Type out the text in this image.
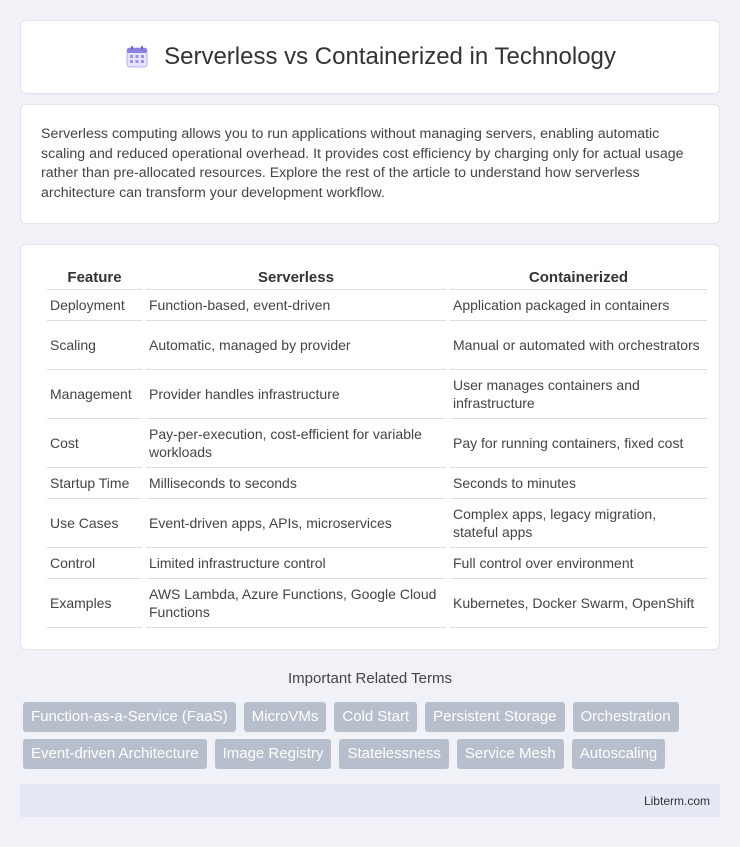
Serverless vs Containerized in Technology

Serverless computing allows you to run applications without managing servers, enabling automatic scaling and reduced operational overhead. It provides cost efficiency by charging only for actual usage rather than pre-allocated resources. Explore the rest of the article to understand how serverless architecture can transform your development workflow.

Feature	Serverless	Containerized
Deployment	Function-based, event-driven	Application packaged in containers
Scaling	Automatic, managed by provider	Manual or automated with orchestrators
Management	Provider handles infrastructure	User manages containers and infrastructure
Cost	Pay-per-execution, cost-efficient for variable workloads	Pay for running containers, fixed cost
Startup Time	Milliseconds to seconds	Seconds to minutes
Use Cases	Event-driven apps, APIs, microservices	Complex apps, legacy migration, stateful apps
Control	Limited infrastructure control	Full control over environment
Examples	AWS Lambda, Azure Functions, Google Cloud Functions	Kubernetes, Docker Swarm, OpenShift
Important Related Terms
Function-as-a-Service (FaaS)	MicroVMs	Cold Start	Persistent Storage	Orchestration
Event-driven Architecture	Image Registry	Statelessness	Service Mesh	Autoscaling
Libterm.com
